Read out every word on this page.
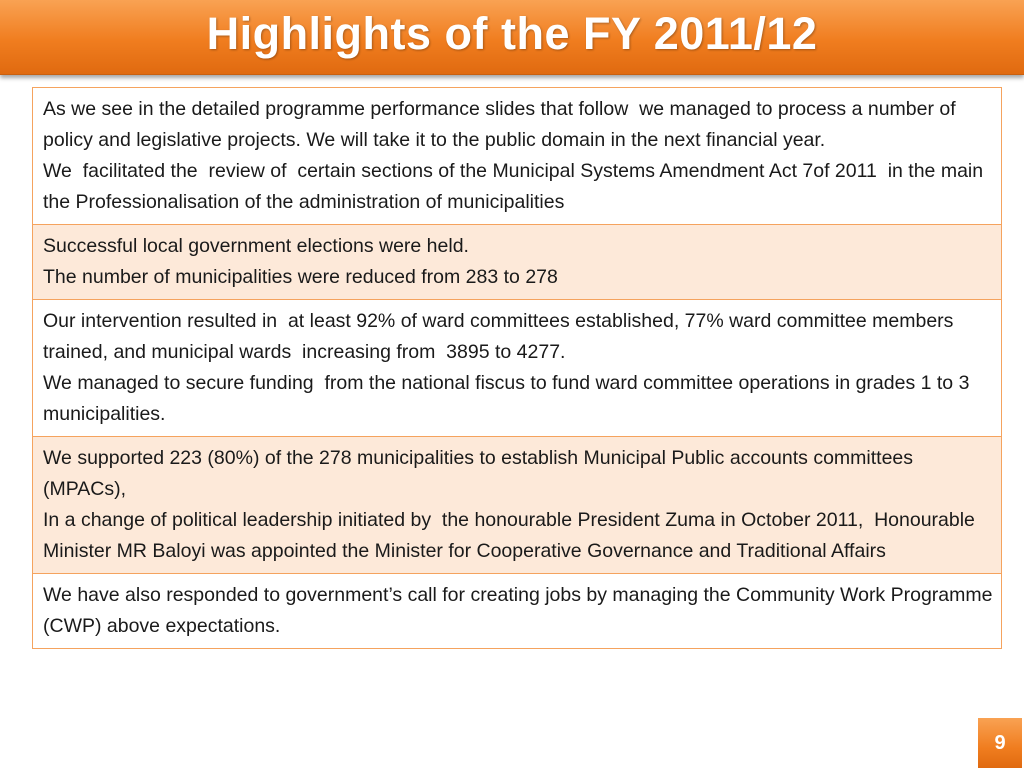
Highlights of the FY 2011/12
As we see in the detailed programme performance slides that follow  we managed to process a number of  policy and legislative projects. We will take it to the public domain in the next financial year.
We  facilitated the  review of  certain sections of the Municipal Systems Amendment Act 7of 2011  in the main the Professionalisation of the administration of municipalities
Successful local government elections were held.
The number of municipalities were reduced from 283 to 278
Our intervention resulted in  at least 92% of ward committees established, 77% ward committee members trained, and municipal wards  increasing from  3895 to 4277.
We managed to secure funding  from the national fiscus to fund ward committee operations in grades 1 to 3 municipalities.
We supported 223 (80%) of the 278 municipalities to establish Municipal Public accounts committees (MPACs),
In a change of political leadership initiated by  the honourable President Zuma in October 2011,  Honourable Minister MR Baloyi was appointed the Minister for Cooperative Governance and Traditional Affairs
We have also responded to government’s call for creating jobs by managing the Community Work Programme (CWP) above expectations.
9
